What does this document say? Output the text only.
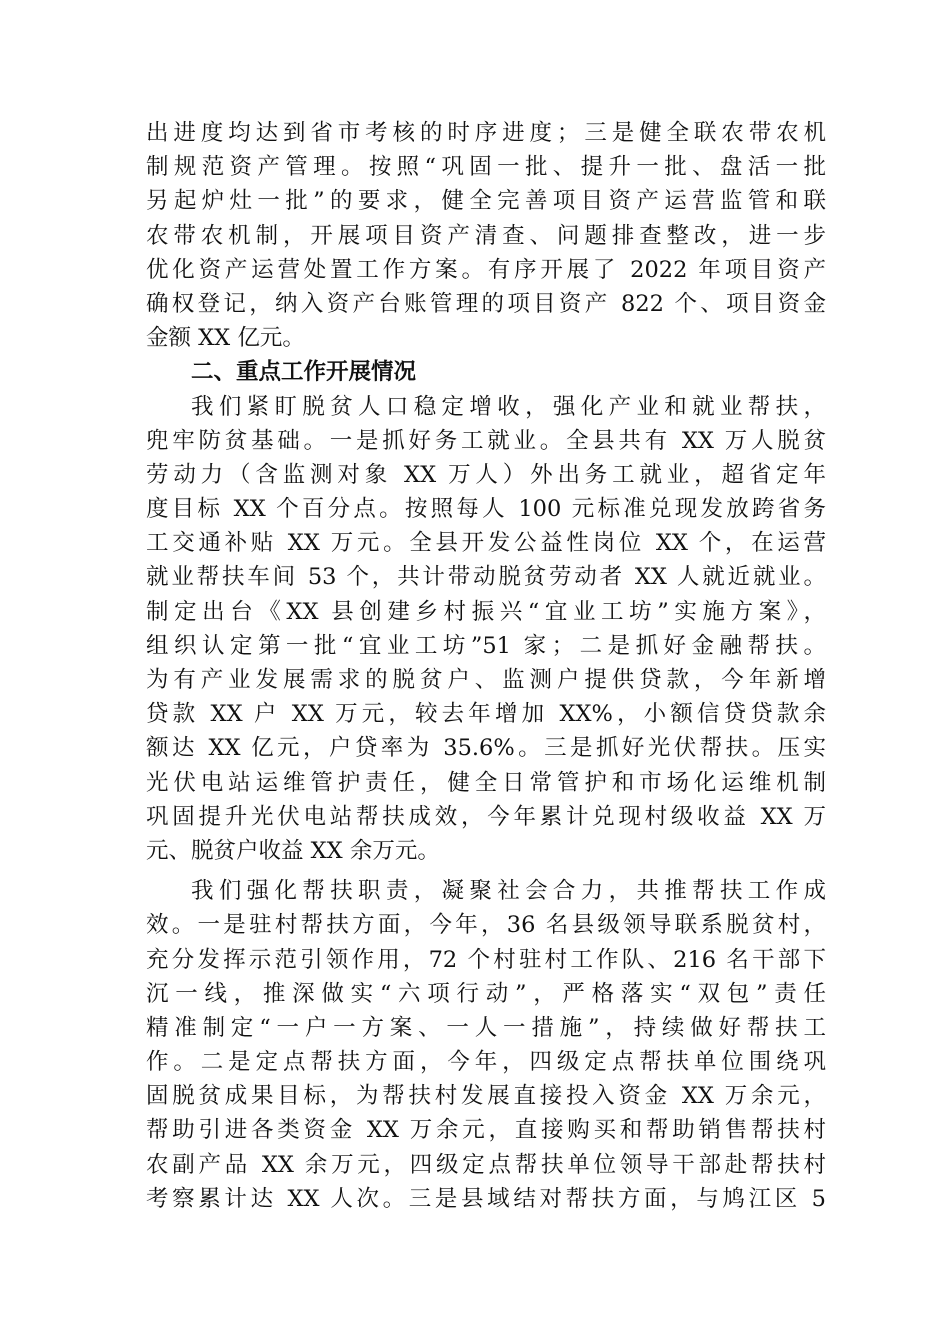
出进度均达到省市考核的时序进度；三是健全联农带农机
制规范资产管理。按照“巩固一批、提升一批、盘活一批
另起炉灶一批”的要求，健全完善项目资产运营监管和联
农带农机制，开展项目资产清查、问题排查整改，进一步
优化资产运营处置工作方案。有序开展了 2022 年项目资产
确权登记，纳入资产台账管理的项目资产 822 个、项目资金
金额 XX 亿元。
二、重点工作开展情况
我们紧盯脱贫人口稳定增收，强化产业和就业帮扶，
兜牢防贫基础。一是抓好务工就业。全县共有 XX 万人脱贫
劳动力（含监测对象 XX 万人）外出务工就业，超省定年
度目标 XX 个百分点。按照每人 100 元标准兑现发放跨省务
工交通补贴 XX 万元。全县开发公益性岗位 XX 个，在运营
就业帮扶车间 53 个，共计带动脱贫劳动者 XX 人就近就业。
制定出台《XX 县创建乡村振兴“宜业工坊”实施方案》，
组织认定第一批“宜业工坊”51 家；二是抓好金融帮扶。
为有产业发展需求的脱贫户、监测户提供贷款，今年新增
贷款 XX 户 XX 万元，较去年增加 XX%，小额信贷贷款余
额达 XX 亿元，户贷率为 35.6%。三是抓好光伏帮扶。压实
光伏电站运维管护责任，健全日常管护和市场化运维机制
巩固提升光伏电站帮扶成效，今年累计兑现村级收益 XX 万
元、脱贫户收益 XX 余万元。
我们强化帮扶职责，凝聚社会合力，共推帮扶工作成
效。一是驻村帮扶方面，今年，36 名县级领导联系脱贫村，
充分发挥示范引领作用，72 个村驻村工作队、216 名干部下
沉一线，推深做实“六项行动”，严格落实“双包”责任
精准制定“一户一方案、一人一措施”，持续做好帮扶工
作。二是定点帮扶方面，今年，四级定点帮扶单位围绕巩
固脱贫成果目标，为帮扶村发展直接投入资金 XX 万余元，
帮助引进各类资金 XX 万余元，直接购买和帮助销售帮扶村
农副产品 XX 余万元，四级定点帮扶单位领导干部赴帮扶村
考察累计达 XX 人次。三是县域结对帮扶方面，与鸠江区 5
